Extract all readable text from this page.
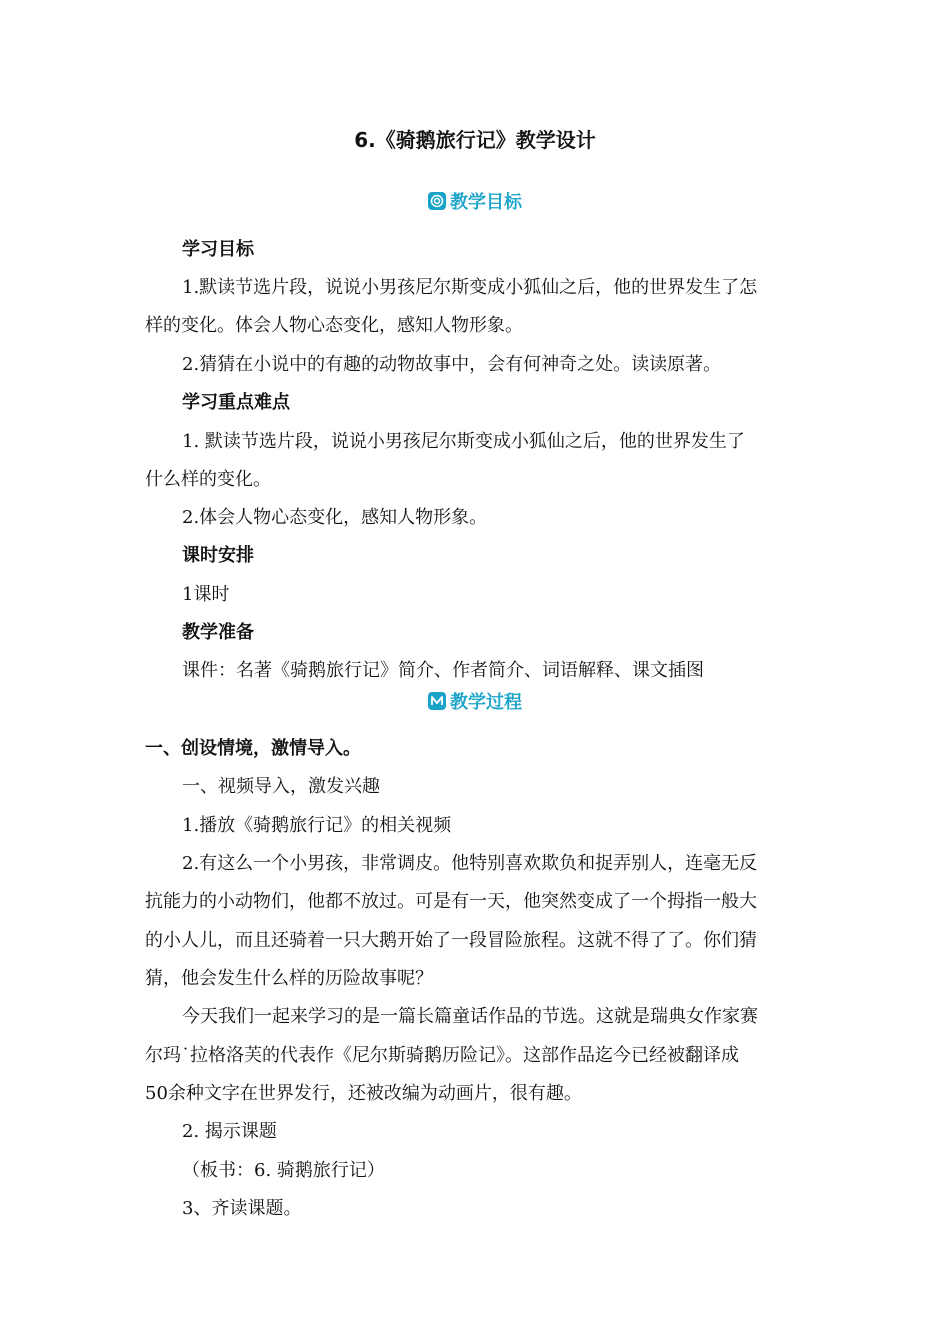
6.《骑鹅旅行记》教学设计
教学目标
学习目标
1.默读节选片段，说说小男孩尼尔斯变成小狐仙之后，他的世界发生了怎
样的变化。体会人物心态变化，感知人物形象。
2.猜猜在小说中的有趣的动物故事中，会有何神奇之处。读读原著。
学习重点难点
1. 默读节选片段，说说小男孩尼尔斯变成小狐仙之后，他的世界发生了
什么样的变化。
2.体会人物心态变化，感知人物形象。
课时安排
1课时
教学准备
课件：名著《骑鹅旅行记》简介、作者简介、词语解释、课文插图
教学过程
一、创设情境，激情导入。
一、视频导入，激发兴趣
1.播放《骑鹅旅行记》的相关视频
2.有这么一个小男孩，非常调皮。他特别喜欢欺负和捉弄别人，连毫无反
抗能力的小动物们，他都不放过。可是有一天，他突然变成了一个拇指一般大
的小人儿，而且还骑着一只大鹅开始了一段冒险旅程。这就不得了了。你们猜
猜，他会发生什么样的历险故事呢？
今天我们一起来学习的是一篇长篇童话作品的节选。这就是瑞典女作家赛
尔玛˙拉格洛芙的代表作《尼尔斯骑鹅历险记》。这部作品迄今已经被翻译成
50余种文字在世界发行，还被改编为动画片，很有趣。
2. 揭示课题
（板书：6. 骑鹅旅行记）
3、齐读课题。
